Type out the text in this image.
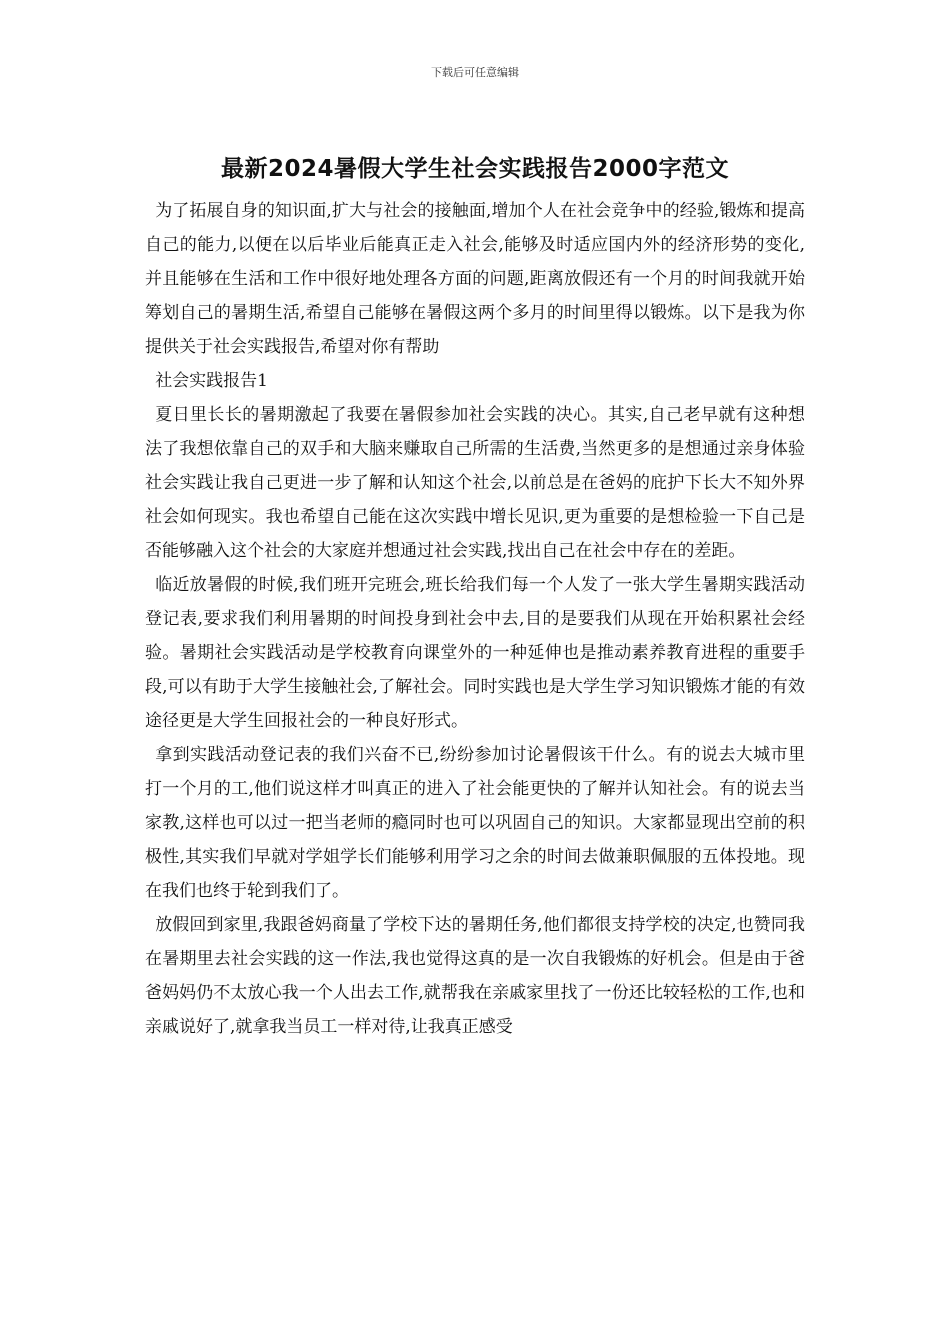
下载后可任意编辑
最新2024暑假大学生社会实践报告2000字范文

为了拓展自身的知识面,扩大与社会的接触面,增加个人在社会竞争中的经验,锻炼和提高自己的能力,以便在以后毕业后能真正走入社会,能够及时适应国内外的经济形势的变化,并且能够在生活和工作中很好地处理各方面的问题,距离放假还有一个月的时间我就开始筹划自己的暑期生活,希望自己能够在暑假这两个多月的时间里得以锻炼。以下是我为你提供关于社会实践报告,希望对你有帮助

社会实践报告1

夏日里长长的暑期激起了我要在暑假参加社会实践的决心。其实,自己老早就有这种想法了我想依靠自己的双手和大脑来赚取自己所需的生活费,当然更多的是想通过亲身体验社会实践让我自己更进一步了解和认知这个社会,以前总是在爸妈的庇护下长大不知外界社会如何现实。我也希望自己能在这次实践中增长见识,更为重要的是想检验一下自己是否能够融入这个社会的大家庭并想通过社会实践,找出自己在社会中存在的差距。

临近放暑假的时候,我们班开完班会,班长给我们每一个人发了一张大学生暑期实践活动登记表,要求我们利用暑期的时间投身到社会中去,目的是要我们从现在开始积累社会经验。暑期社会实践活动是学校教育向课堂外的一种延伸也是推动素养教育进程的重要手段,可以有助于大学生接触社会,了解社会。同时实践也是大学生学习知识锻炼才能的有效途径更是大学生回报社会的一种良好形式。

拿到实践活动登记表的我们兴奋不已,纷纷参加讨论暑假该干什么。有的说去大城市里打一个月的工,他们说这样才叫真正的进入了社会能更快的了解并认知社会。有的说去当家教,这样也可以过一把当老师的瘾同时也可以巩固自己的知识。大家都显现出空前的积极性,其实我们早就对学姐学长们能够利用学习之余的时间去做兼职佩服的五体投地。现在我们也终于轮到我们了。

放假回到家里,我跟爸妈商量了学校下达的暑期任务,他们都很支持学校的决定,也赞同我在暑期里去社会实践的这一作法,我也觉得这真的是一次自我锻炼的好机会。但是由于爸爸妈妈仍不太放心我一个人出去工作,就帮我在亲戚家里找了一份还比较轻松的工作,也和亲戚说好了,就拿我当员工一样对待,让我真正感受
